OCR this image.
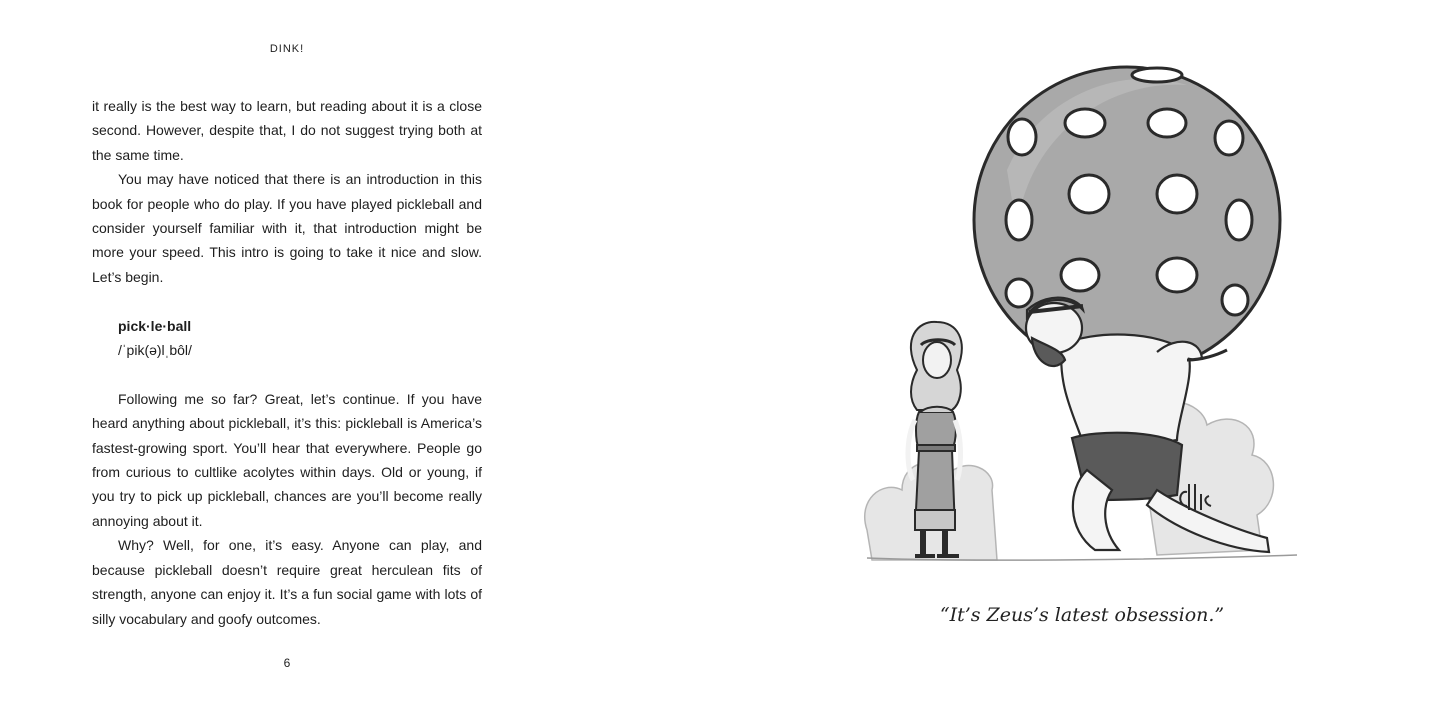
DINK!

it really is the best way to learn, but reading about it is a close second. However, despite that, I do not suggest trying both at the same time.

You may have noticed that there is an introduction in this book for people who do play. If you have played pickleball and consider yourself familiar with it, that introduction might be more your speed. This intro is going to take it nice and slow. Let’s begin.

pick·le·ball
/ˈpik(ə)lˌbôl/

Following me so far? Great, let’s continue. If you have heard anything about pickleball, it’s this: pickleball is America’s fastest-growing sport. You’ll hear that everywhere. People go from curious to cultlike acolytes within days. Old or young, if you try to pick up pickleball, chances are you’ll become really annoying about it.

Why? Well, for one, it’s easy. Anyone can play, and because pickleball doesn’t require great herculean fits of strength, anyone can enjoy it. It’s a fun social game with lots of silly vocabulary and goofy outcomes.

6
“It’s Zeus’s latest obsession.”
